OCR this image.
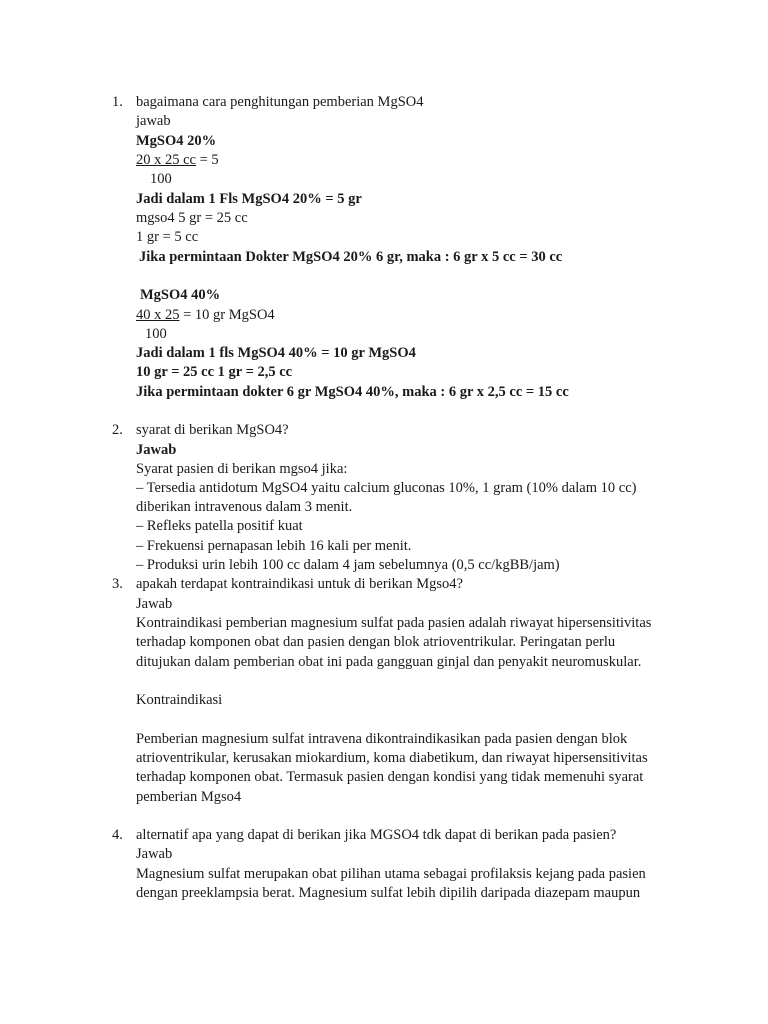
1. bagaimana cara penghitungan pemberian MgSO4
jawab
MgSO4 20%
20 x 25 cc = 5
100
Jadi dalam 1 Fls MgSO4 20% = 5 gr
mgso4 5 gr = 25 cc
1 gr = 5 cc
Jika permintaan Dokter MgSO4 20% 6 gr, maka : 6 gr x 5 cc = 30 cc
MgSO4 40%
40 x 25 = 10 gr MgSO4
100
Jadi dalam 1 fls MgSO4 40% = 10 gr MgSO4
10 gr = 25 cc 1 gr = 2,5 cc
Jika permintaan dokter 6 gr MgSO4 40%, maka : 6 gr x 2,5 cc = 15 cc
2. syarat di berikan MgSO4?
Jawab
Syarat pasien di berikan mgso4 jika:
– Tersedia antidotum MgSO4 yaitu calcium gluconas 10%, 1 gram (10% dalam 10 cc)
diberikan intravenous dalam 3 menit.
– Refleks patella positif kuat
– Frekuensi pernapasan lebih 16 kali per menit.
– Produksi urin lebih 100 cc dalam 4 jam sebelumnya (0,5 cc/kgBB/jam)
3. apakah terdapat kontraindikasi untuk di berikan Mgso4?
Jawab
Kontraindikasi pemberian magnesium sulfat pada pasien adalah riwayat hipersensitivitas
terhadap komponen obat dan pasien dengan blok atrioventrikular. Peringatan perlu
ditujukan dalam pemberian obat ini pada gangguan ginjal dan penyakit neuromuskular.
Kontraindikasi
Pemberian magnesium sulfat intravena dikontraindikasikan pada pasien dengan blok
atrioventrikular, kerusakan miokardium, koma diabetikum, dan riwayat hipersensitivitas
terhadap komponen obat. Termasuk pasien dengan kondisi yang tidak memenuhi syarat
pemberian Mgso4
4. alternatif apa yang dapat di berikan jika MGSO4 tdk dapat di berikan pada pasien?
Jawab
Magnesium sulfat merupakan obat pilihan utama sebagai profilaksis kejang pada pasien
dengan preeklampsia berat. Magnesium sulfat lebih dipilih daripada diazepam maupun
